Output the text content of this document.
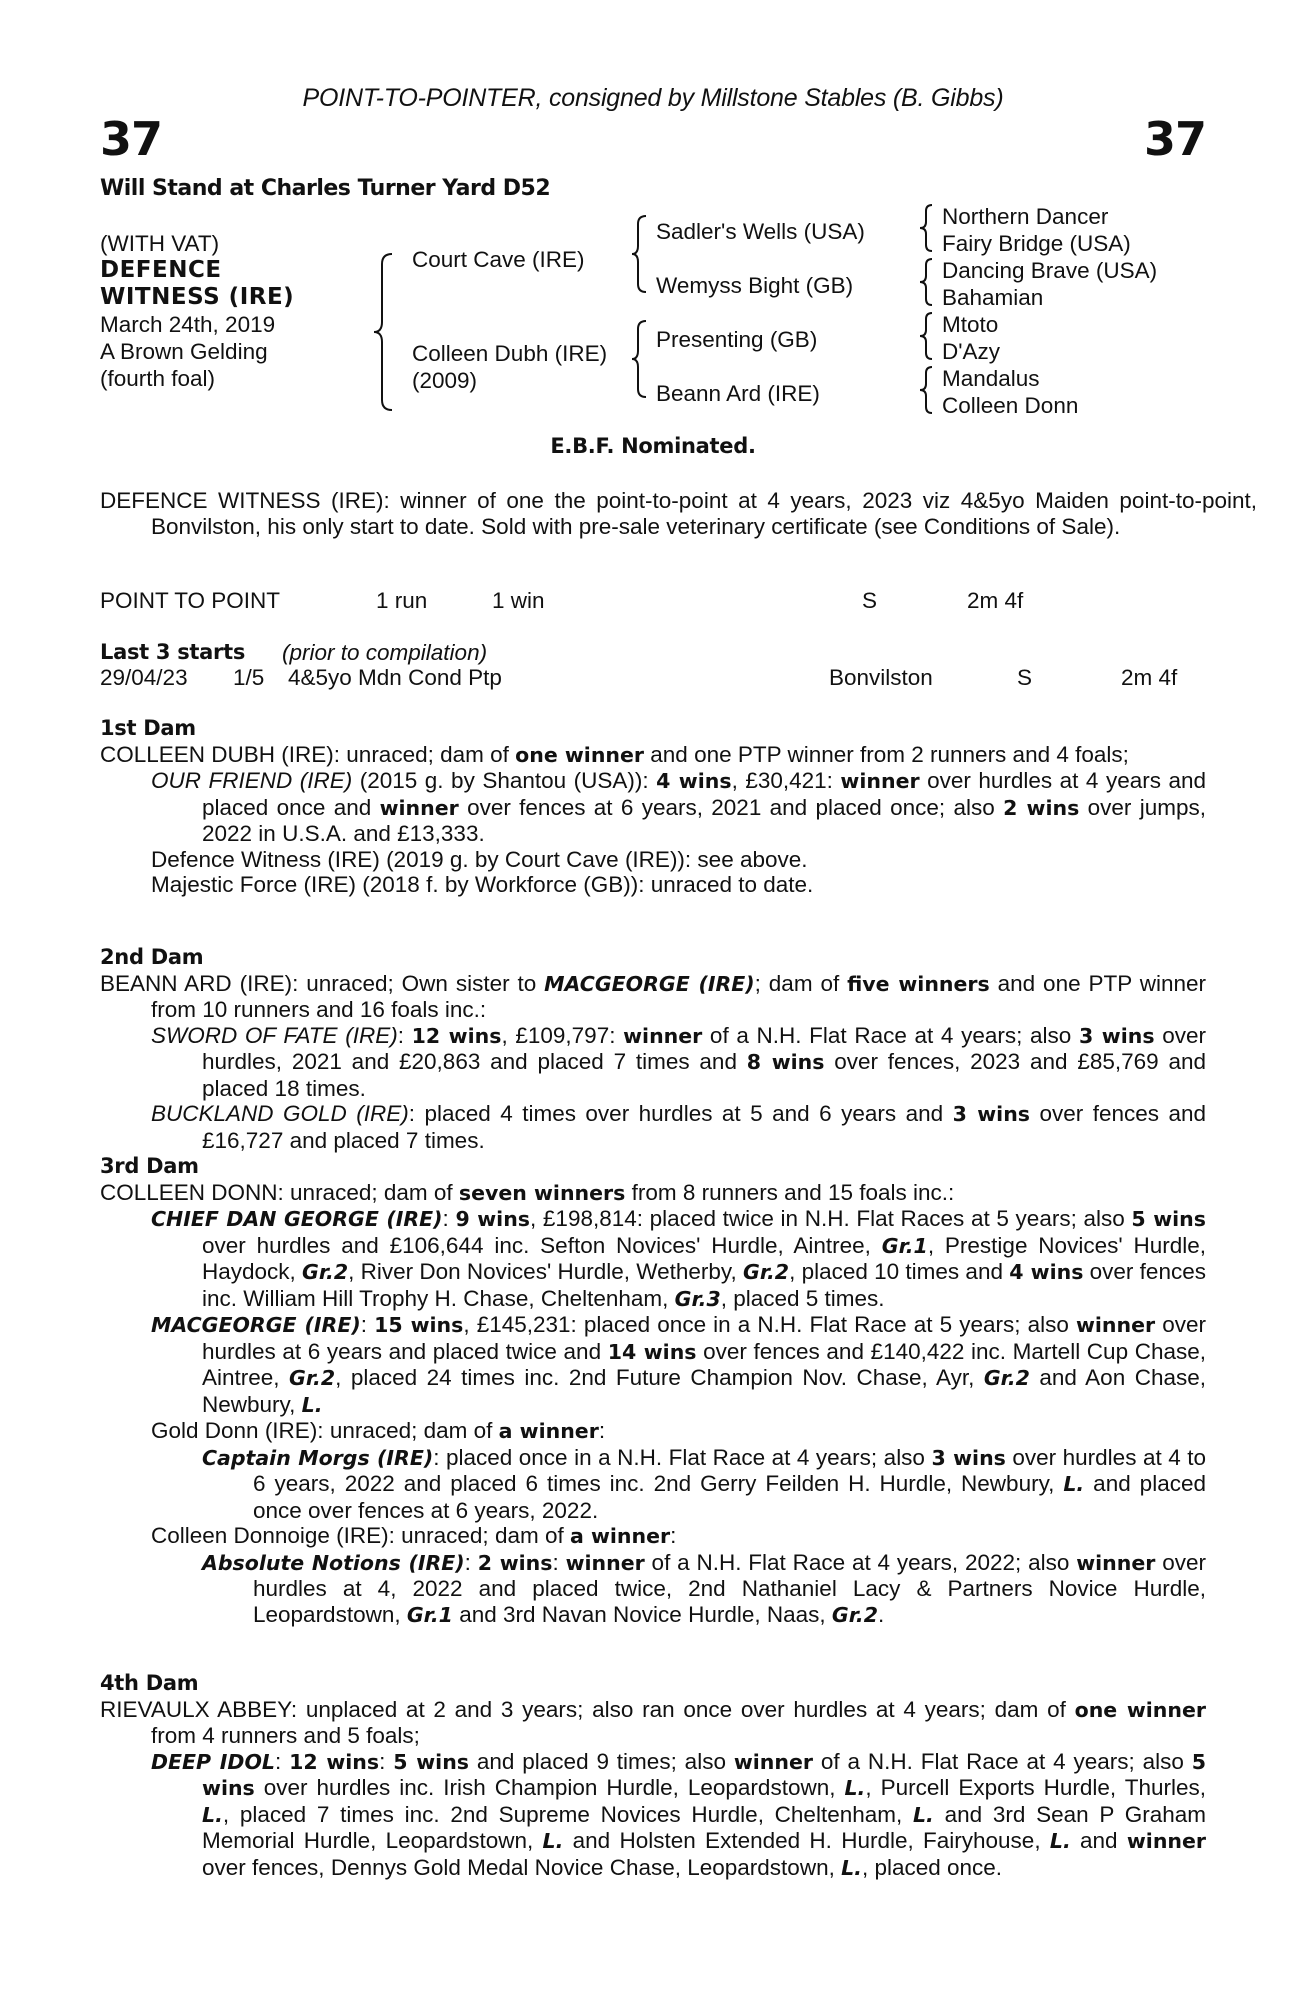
POINT-TO-POINTER, consigned by Millstone Stables (B. Gibbs)
37	37
Will Stand at Charles Turner Yard D52
(WITH VAT)
DEFENCE
WITNESS (IRE)
March 24th, 2019
A Brown Gelding
(fourth foal)
Court Cave (IRE)
Colleen Dubh (IRE)
(2009)
Sadler's Wells (USA)
Wemyss Bight (GB)
Presenting (GB)
Beann Ard (IRE)
Northern Dancer
Fairy Bridge (USA)
Dancing Brave (USA)
Bahamian
Mtoto
D'Azy
Mandalus
Colleen Donn
E.B.F. Nominated.
DEFENCE WITNESS (IRE): winner of one the point-to-point at 4 years, 2023 viz 4&5yo Maiden point-to-point, Bonvilston, his only start to date. Sold with pre-sale veterinary certificate (see Conditions of Sale).
POINT TO POINT	1 run	1 win	S	2m 4f
Last 3 starts (prior to compilation)
29/04/23 1/5 4&5yo Mdn Cond Ptp	Bonvilston	S	2m 4f
1st Dam

COLLEEN DUBH (IRE): unraced; dam of one winner and one PTP winner from 2 runners and 4 foals;

OUR FRIEND (IRE) (2015 g. by Shantou (USA)): 4 wins, £30,421: winner over hurdles at 4 years and placed once and winner over fences at 6 years, 2021 and placed once; also 2 wins over jumps, 2022 in U.S.A. and £13,333.

Defence Witness (IRE) (2019 g. by Court Cave (IRE)): see above.

Majestic Force (IRE) (2018 f. by Workforce (GB)): unraced to date.

2nd Dam

BEANN ARD (IRE): unraced; Own sister to MACGEORGE (IRE); dam of five winners and one PTP winner from 10 runners and 16 foals inc.:

SWORD OF FATE (IRE): 12 wins, £109,797: winner of a N.H. Flat Race at 4 years; also 3 wins over hurdles, 2021 and £20,863 and placed 7 times and 8 wins over fences, 2023 and £85,769 and placed 18 times.

BUCKLAND GOLD (IRE): placed 4 times over hurdles at 5 and 6 years and 3 wins over fences and £16,727 and placed 7 times.

3rd Dam

COLLEEN DONN: unraced; dam of seven winners from 8 runners and 15 foals inc.:

CHIEF DAN GEORGE (IRE): 9 wins, £198,814: placed twice in N.H. Flat Races at 5 years; also 5 wins over hurdles and £106,644 inc. Sefton Novices' Hurdle, Aintree, Gr.1, Prestige Novices' Hurdle, Haydock, Gr.2, River Don Novices' Hurdle, Wetherby, Gr.2, placed 10 times and 4 wins over fences inc. William Hill Trophy H. Chase, Cheltenham, Gr.3, placed 5 times.

MACGEORGE (IRE): 15 wins, £145,231: placed once in a N.H. Flat Race at 5 years; also winner over hurdles at 6 years and placed twice and 14 wins over fences and £140,422 inc. Martell Cup Chase, Aintree, Gr.2, placed 24 times inc. 2nd Future Champion Nov. Chase, Ayr, Gr.2 and Aon Chase, Newbury, L.

Gold Donn (IRE): unraced; dam of a winner:

Captain Morgs (IRE): placed once in a N.H. Flat Race at 4 years; also 3 wins over hurdles at 4 to 6 years, 2022 and placed 6 times inc. 2nd Gerry Feilden H. Hurdle, Newbury, L. and placed once over fences at 6 years, 2022.

Colleen Donnoige (IRE): unraced; dam of a winner:

Absolute Notions (IRE): 2 wins: winner of a N.H. Flat Race at 4 years, 2022; also winner over hurdles at 4, 2022 and placed twice, 2nd Nathaniel Lacy & Partners Novice Hurdle, Leopardstown, Gr.1 and 3rd Navan Novice Hurdle, Naas, Gr.2.

4th Dam

RIEVAULX ABBEY: unplaced at 2 and 3 years; also ran once over hurdles at 4 years; dam of one winner from 4 runners and 5 foals;

DEEP IDOL: 12 wins: 5 wins and placed 9 times; also winner of a N.H. Flat Race at 4 years; also 5 wins over hurdles inc. Irish Champion Hurdle, Leopardstown, L., Purcell Exports Hurdle, Thurles, L., placed 7 times inc. 2nd Supreme Novices Hurdle, Cheltenham, L. and 3rd Sean P Graham Memorial Hurdle, Leopardstown, L. and Holsten Extended H. Hurdle, Fairyhouse, L. and winner over fences, Dennys Gold Medal Novice Chase, Leopardstown, L., placed once.
